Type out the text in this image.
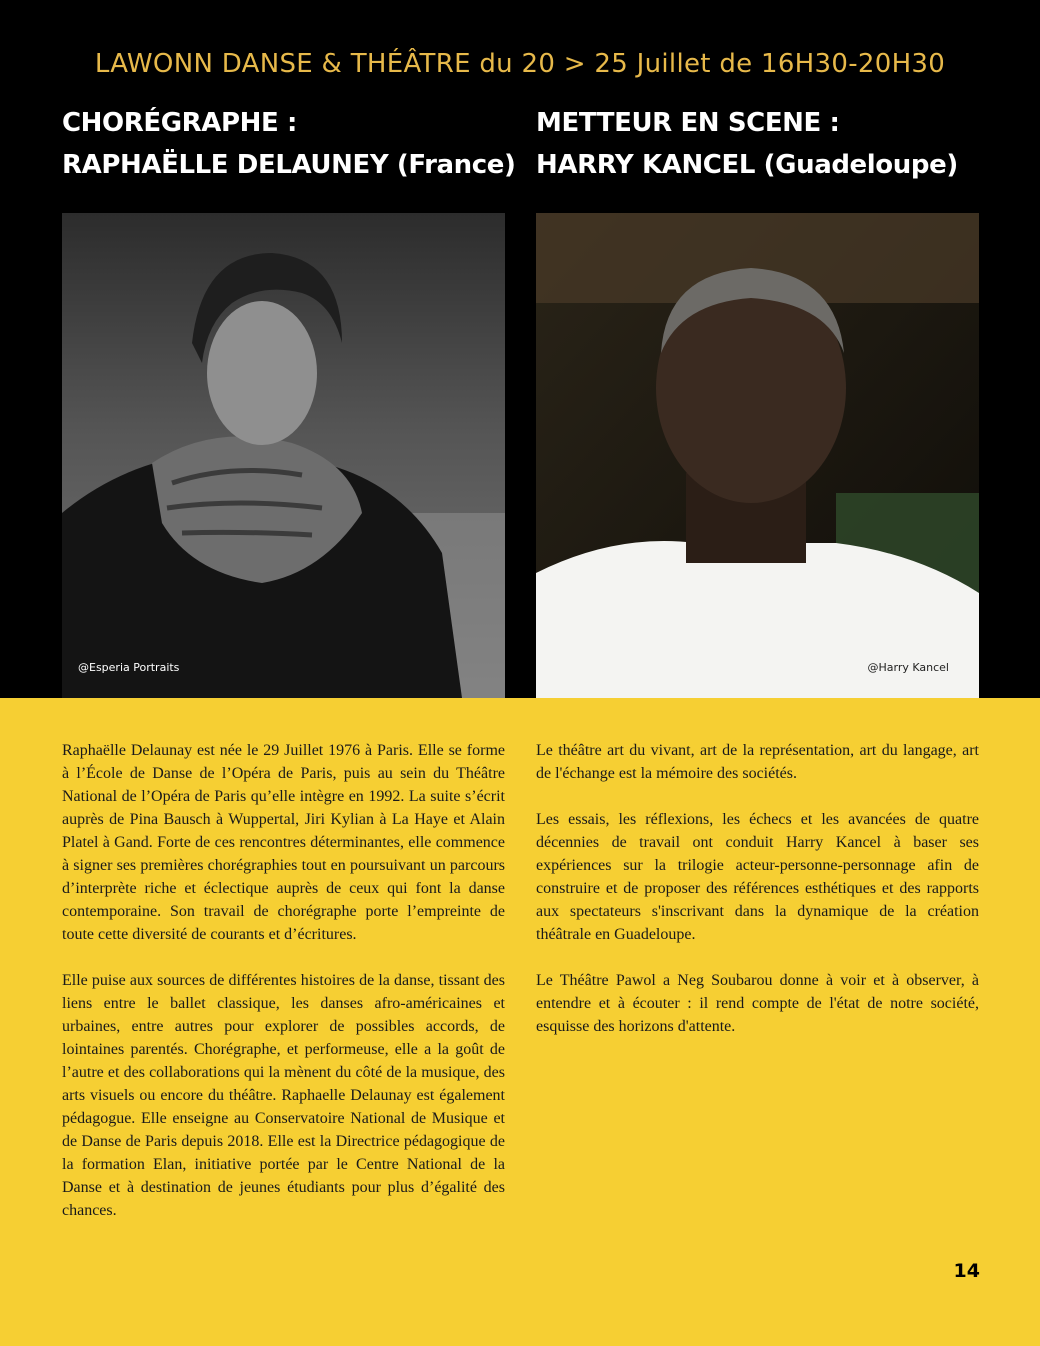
LAWONN DANSE & THÉÂTRE du 20 > 25 Juillet de 16H30-20H30
CHORÉGRAPHE :
RAPHAËLLE DELAUNEY (France)
METTEUR EN SCENE :
HARRY KANCEL (Guadeloupe)
@Esperia Portraits	@Harry Kancel

Raphaëlle Delaunay est née le 29 Juillet 1976 à Paris. Elle se forme à l’École de Danse de l’Opéra de Paris, puis au sein du Théâtre National de l’Opéra de Paris qu’elle intègre en 1992. La suite s’écrit auprès de Pina Bausch à Wuppertal, Jiri Kylian à La Haye et Alain Platel à Gand. Forte de ces rencontres déterminantes, elle commence à signer ses premières chorégraphies tout en poursuivant un parcours d’interprète riche et éclectique auprès de ceux qui font la danse contemporaine. Son travail de chorégraphe porte l’empreinte de toute cette diversité de courants et d’écritures.

Elle puise aux sources de différentes histoires de la danse, tissant des liens entre le ballet classique, les danses afro-américaines et urbaines, entre autres pour explorer de possibles accords, de lointaines parentés. Chorégraphe, et performeuse, elle a la goût de l’autre et des collaborations qui la mènent du côté de la musique, des arts visuels ou encore du théâtre. Raphaelle Delaunay est également pédagogue. Elle enseigne au Conservatoire National de Musique et de Danse de Paris depuis 2018. Elle est la Directrice pédagogique de la formation Elan, initiative portée par le Centre National de la Danse et à destination de jeunes étudiants pour plus d’égalité des chances.

Le théâtre art du vivant, art de la représentation, art du langage, art de l'échange est la mémoire des sociétés.

Les essais, les réflexions, les échecs et les avancées de quatre décennies de travail ont conduit Harry Kancel à baser ses expériences sur la trilogie acteur-personne-personnage afin de construire et de proposer des références esthétiques et des rapports aux spectateurs s'inscrivant dans la dynamique de la création théâtrale en Guadeloupe.

Le Théâtre Pawol a Neg Soubarou donne à voir et à observer, à entendre et à écouter : il rend compte de l'état de notre société, esquisse des horizons d'attente.

14
